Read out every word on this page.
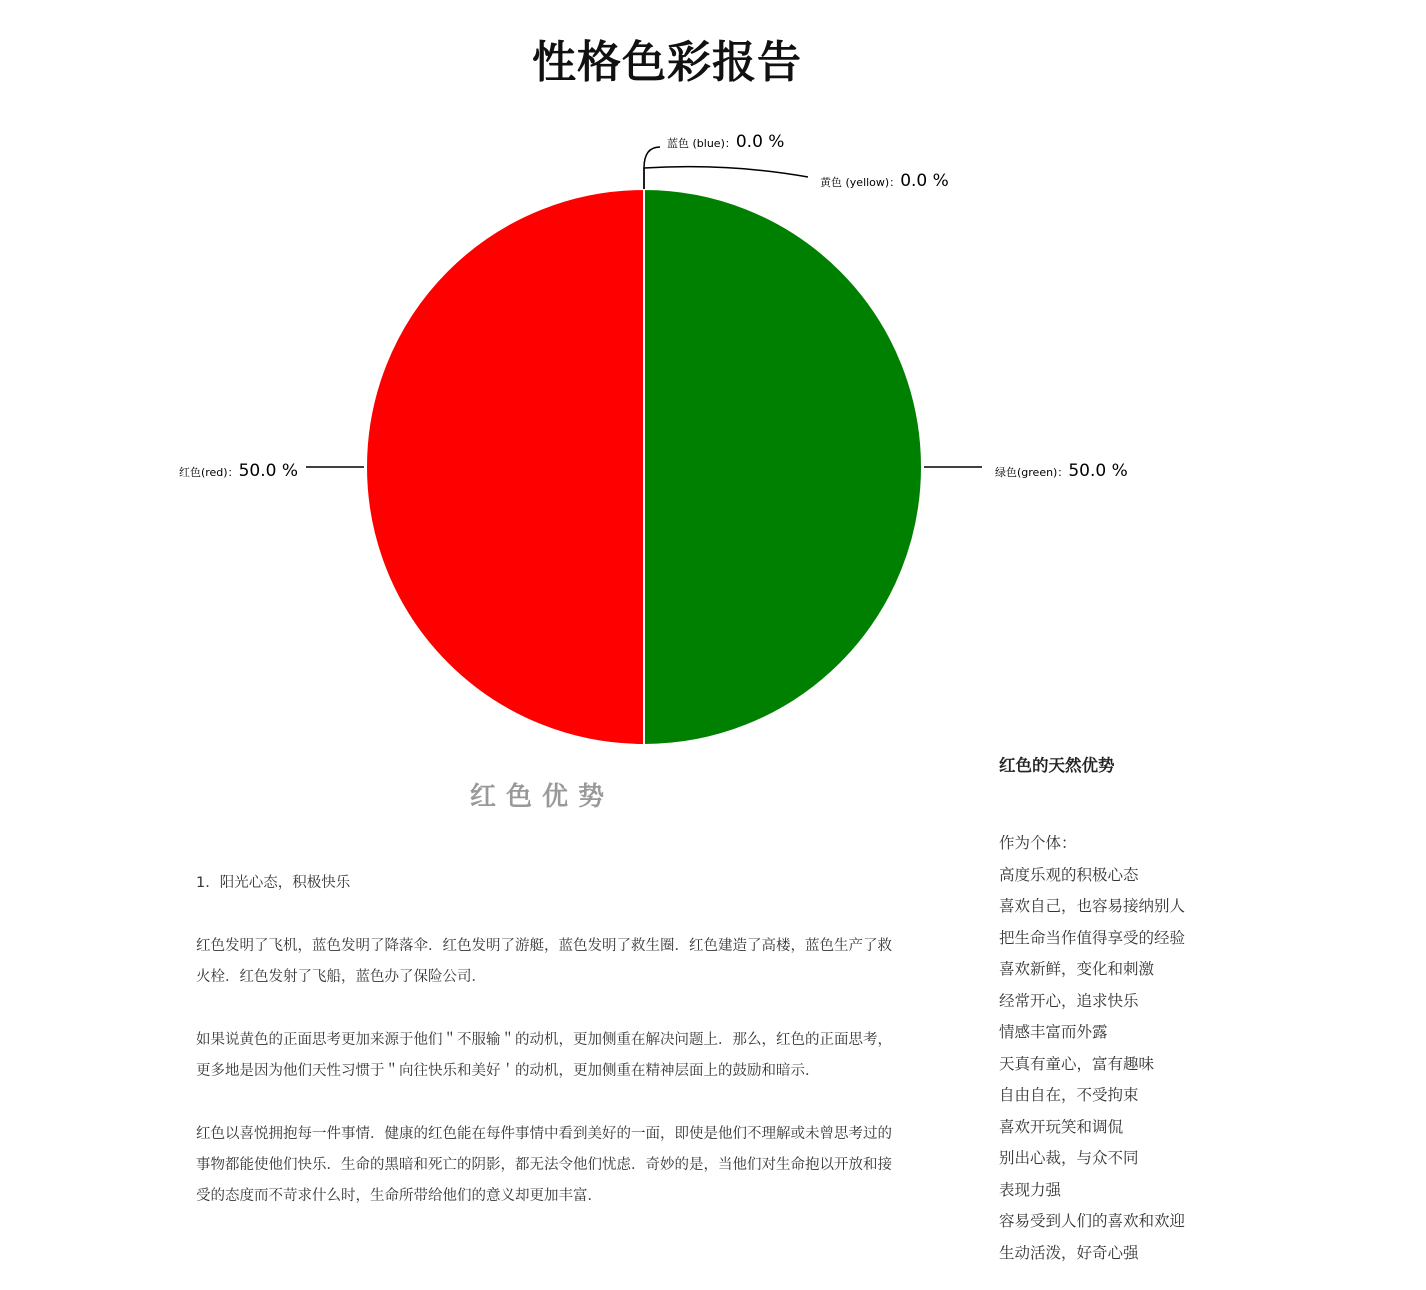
性格色彩报告
蓝色 (blue)：0.0 %
黄色 (yellow)：0.0 %
绿色(green)：50.0 %
红色(red)：50.0 %
红色优势

1．阳光心态，积极快乐

红色发明了飞机，蓝色发明了降落伞．红色发明了游艇，蓝色发明了救生圈．红色建造了高楼，蓝色生产了救火栓．红色发射了飞船，蓝色办了保险公司．

如果说黄色的正面思考更加来源于他们＂不服输＂的动机，更加侧重在解决问题上．那么，红色的正面思考，更多地是因为他们天性习惯于＂向往快乐和美好＇的动机，更加侧重在精神层面上的鼓励和暗示．

红色以喜悦拥抱每一件事情．健康的红色能在每件事情中看到美好的一面，即使是他们不理解或未曾思考过的事物都能使他们快乐．生命的黑暗和死亡的阴影，都无法令他们忧虑．奇妙的是，当他们对生命抱以开放和接受的态度而不苛求什么时，生命所带给他们的意义却更加丰富．

红色的天然优势
作为个体：
高度乐观的积极心态
喜欢自己，也容易接纳别人
把生命当作值得享受的经验
喜欢新鲜，变化和刺激
经常开心，追求快乐
情感丰富而外露
天真有童心，富有趣味
自由自在，不受拘束
喜欢开玩笑和调侃
别出心裁，与众不同
表现力强
容易受到人们的喜欢和欢迎
生动活泼，好奇心强
